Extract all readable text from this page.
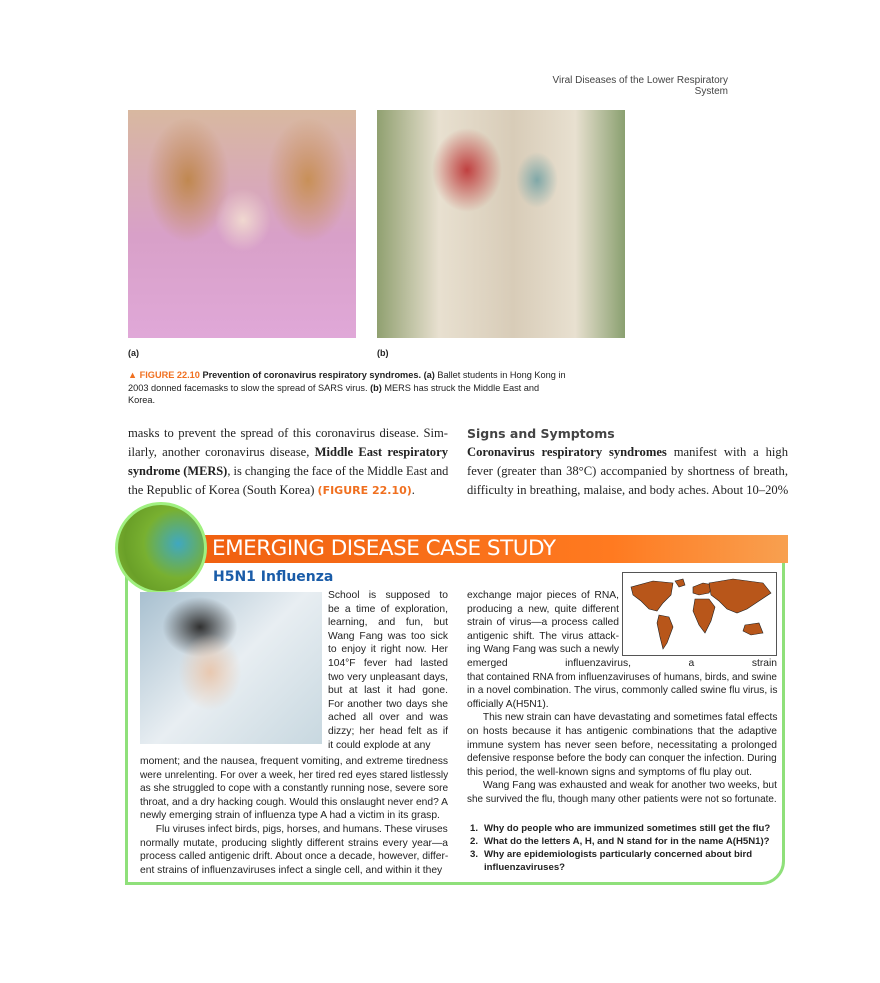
Viral Diseases of the Lower Respiratory System
(a)	(b)
▲ FIGURE 22.10 Prevention of coronavirus respiratory syndromes. (a) Ballet students in Hong Kong in 2003 donned facemasks to slow the spread of SARS virus. (b) MERS has struck the Middle East and Korea.
masks to prevent the spread of this coronavirus disease. Sim-
ilarly, another coronavirus disease, Middle East respiratory
syndrome (MERS), is changing the face of the Middle East and
the Republic of Korea (South Korea) (FIGURE 22.10).
Signs and Symptoms
Coronavirus respiratory syndromes manifest with a high
fever (greater than 38°C) accompanied by shortness of breath,
difficulty in breathing, malaise, and body aches. About 10–20%
EMERGING DISEASE CASE STUDY
H5N1 Influenza
School is supposed to
be a time of exploration,
learning, and fun, but
Wang Fang was too sick
to enjoy it right now. Her
104°F fever had lasted
two very unpleasant days,
but at last it had gone.
For another two days she
ached all over and was
dizzy; her head felt as if
it could explode at any
moment; and the nausea, frequent vomiting, and extreme tiredness
were unrelenting. For over a week, her tired red eyes stared listlessly
as she struggled to cope with a constantly running nose, severe sore
throat, and a dry hacking cough. Would this onslaught never end? A
newly emerging strain of influenza type A had a victim in its grasp.
Flu viruses infect birds, pigs, horses, and humans. These viruses
normally mutate, producing slightly different strains every year—a
process called antigenic drift. About once a decade, however, differ-
ent strains of influenzaviruses infect a single cell, and within it they
exchange major pieces of RNA,
producing a new, quite different
strain of virus—a process called
antigenic shift. The virus attack-
ing Wang Fang was such a newly
emerged influenzavirus, a strain
that contained RNA from influenzaviruses of humans, birds, and swine
in a novel combination. The virus, commonly called swine flu virus, is
officially A(H5N1).
This new strain can have devastating and sometimes fatal effects
on hosts because it has antigenic combinations that the adaptive
immune system has never seen before, necessitating a prolonged
defensive response before the body can conquer the infection. During
this period, the well-known signs and symptoms of flu play out.
Wang Fang was exhausted and weak for another two weeks, but
she survived the flu, though many other patients were not so fortunate.
1. Why do people who are immunized sometimes still get the flu?
2. What do the letters A, H, and N stand for in the name A(H5N1)?
3. Why are epidemiologists particularly concerned about bird influenzaviruses?
